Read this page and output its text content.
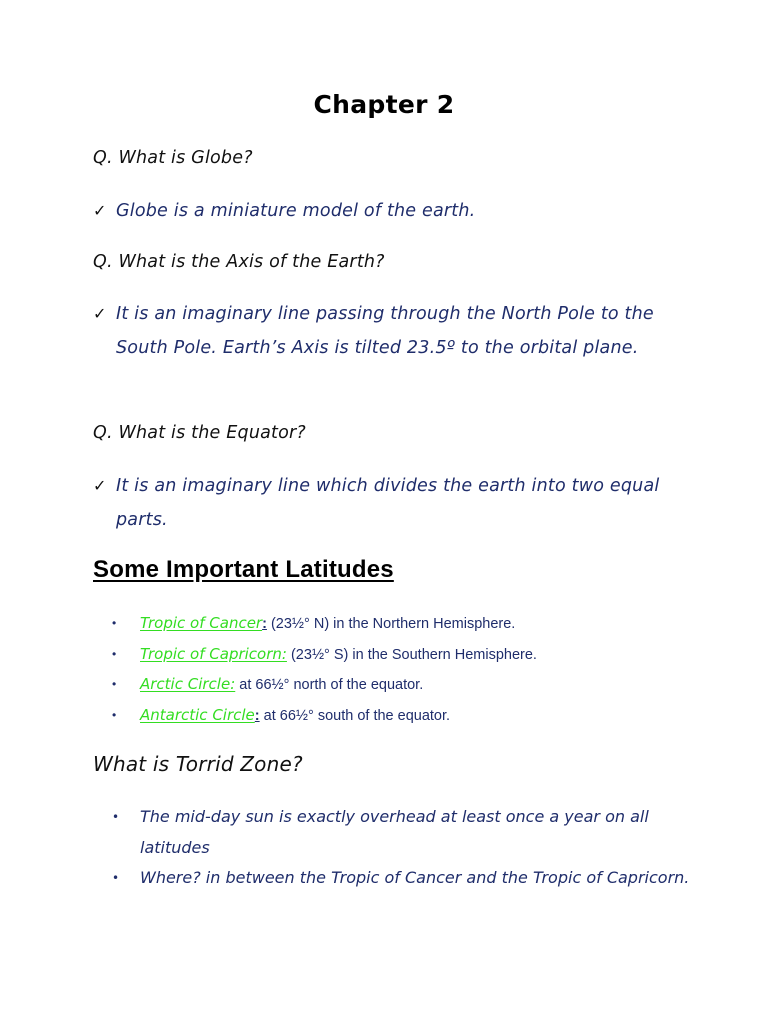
Chapter 2
Q. What is Globe?
✓ Globe is a miniature model of the earth.
Q. What is the Axis of the Earth?
✓ It is an imaginary line passing through the North Pole to the South Pole. Earth’s Axis is tilted 23.5º to the orbital plane.
Q. What is the Equator?
✓ It is an imaginary line which divides the earth into two equal parts.
Some Important Latitudes
• Tropic of Cancer: (23½° N) in the Northern Hemisphere.
• Tropic of Capricorn: (23½° S) in the Southern Hemisphere.
• Arctic Circle: at 66½° north of the equator.
• Antarctic Circle: at 66½° south of the equator.
What is Torrid Zone?
• The mid-day sun is exactly overhead at least once a year on all latitudes
• Where? in between the Tropic of Cancer and the Tropic of Capricorn.
